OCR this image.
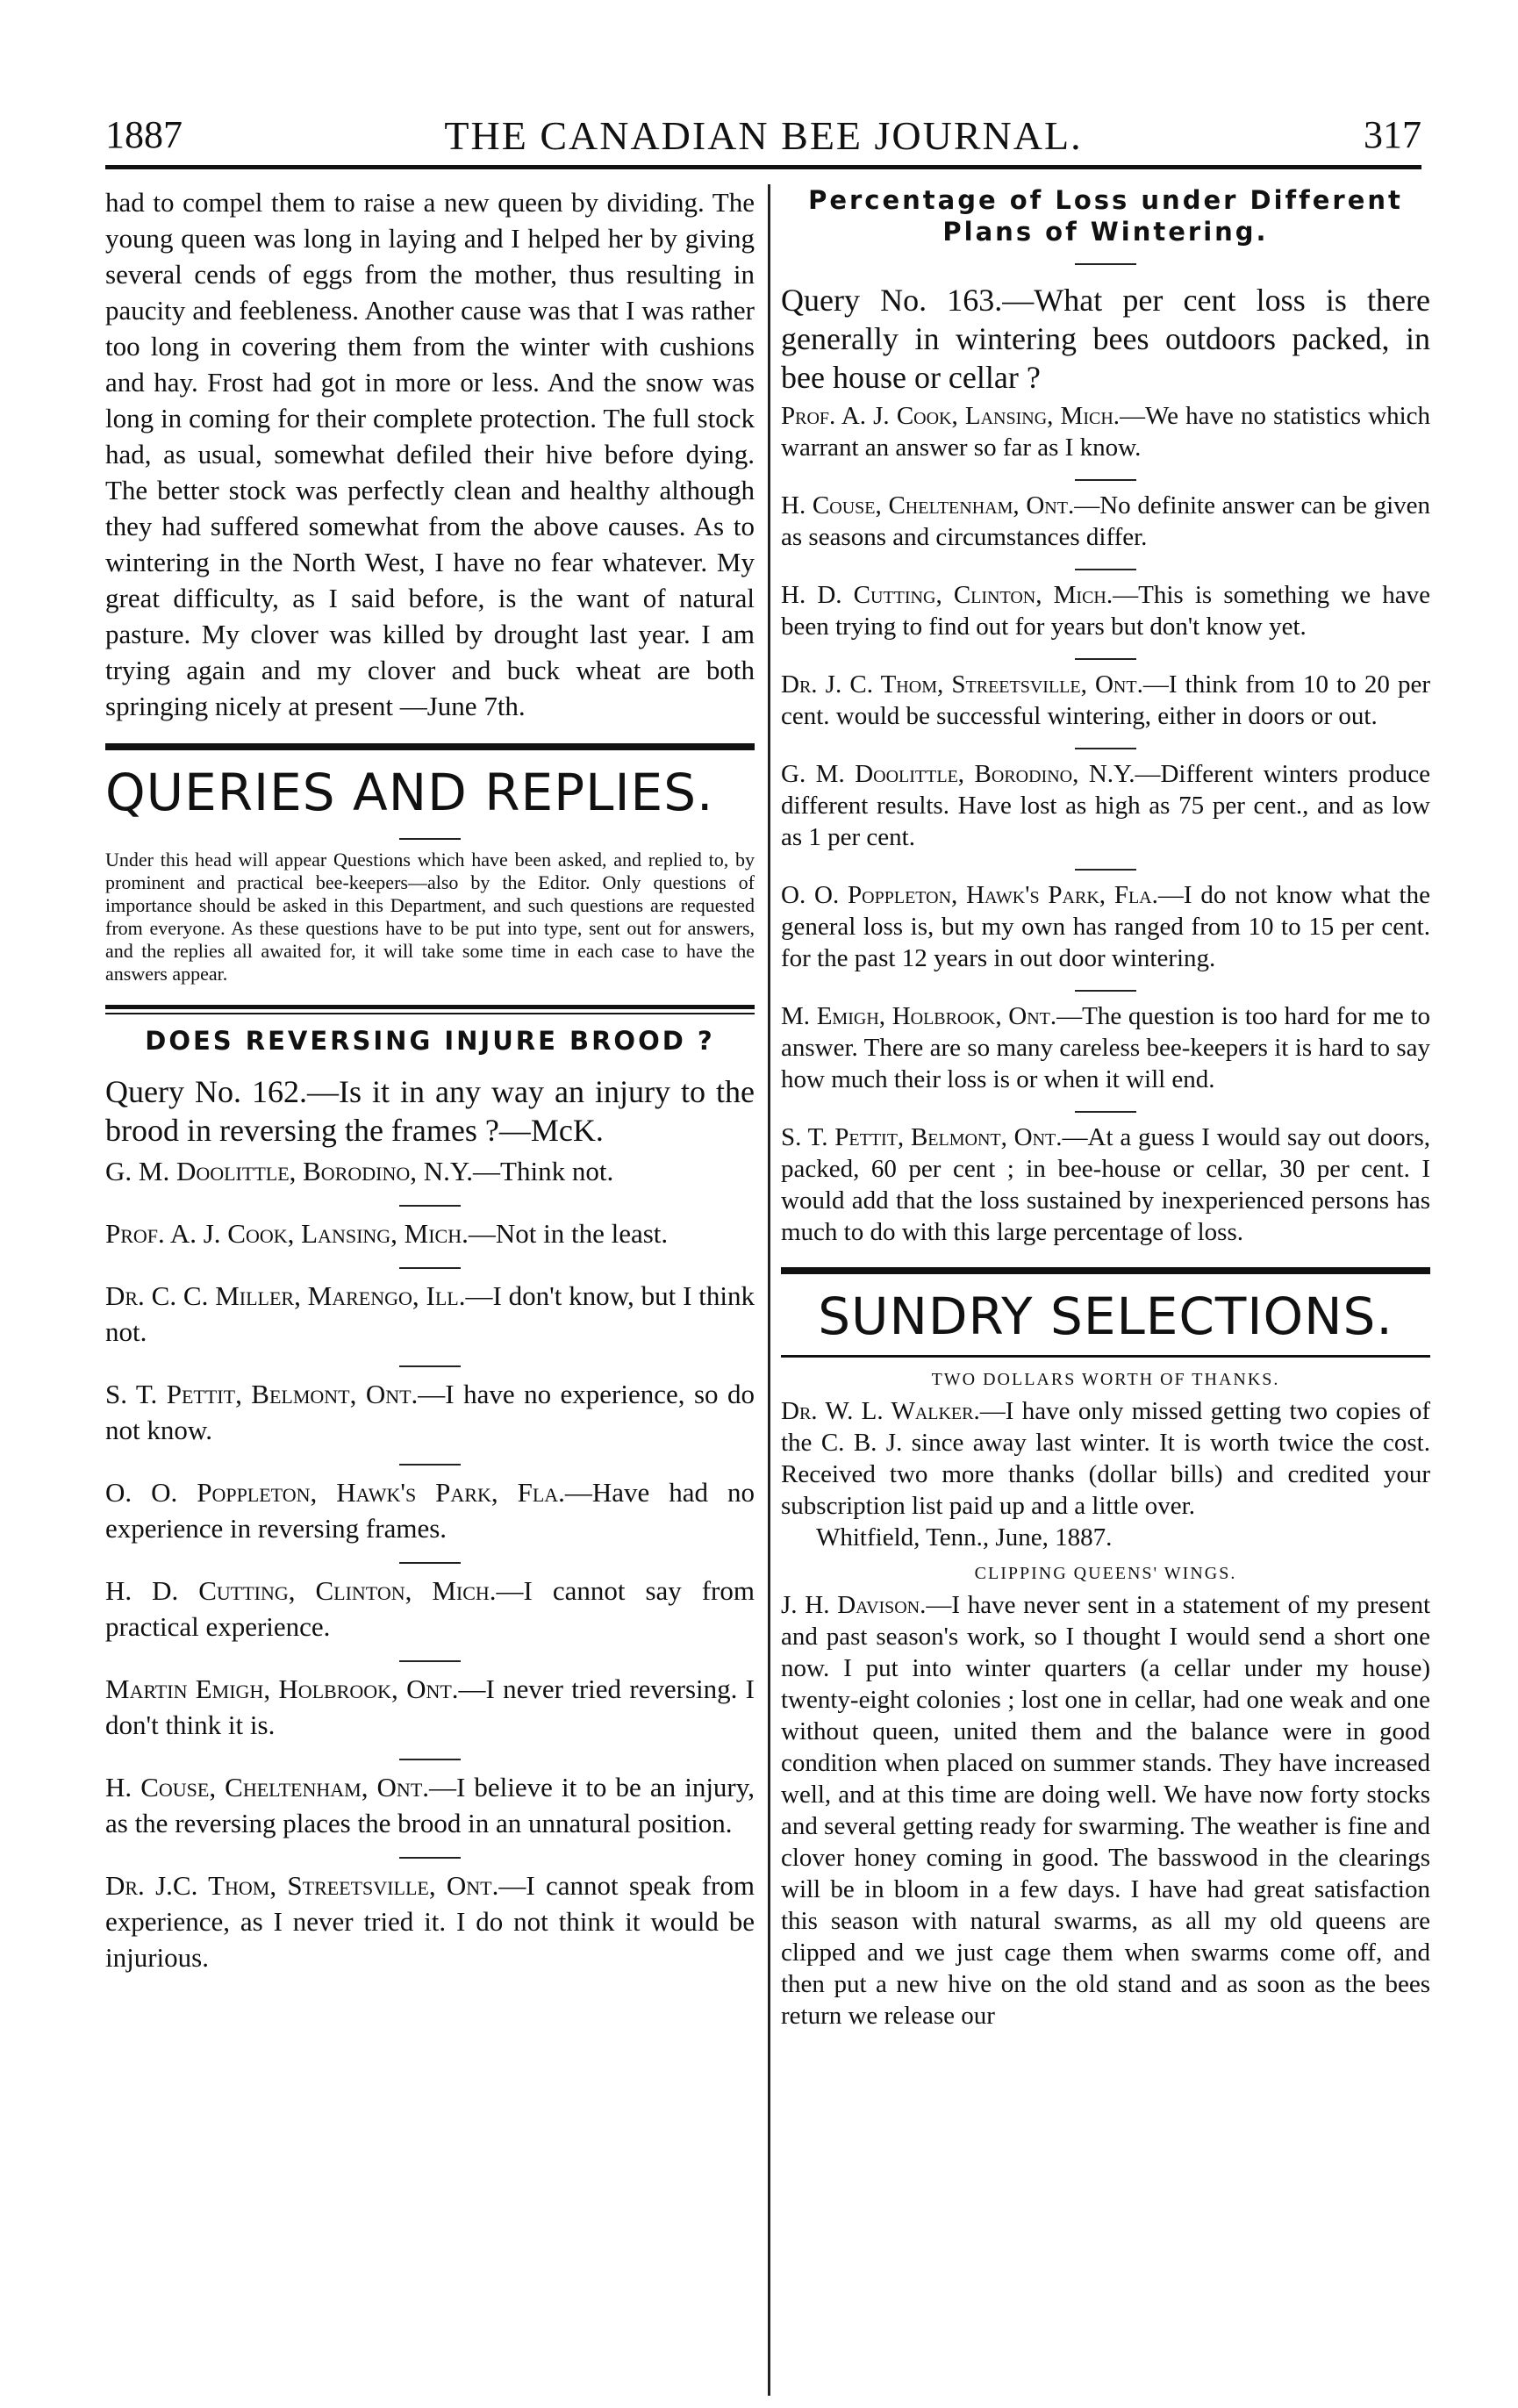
1887	THE CANADIAN BEE JOURNAL.	317

had to compel them to raise a new queen by dividing. The young queen was long in laying and I helped her by giving several cends of eggs from the mother, thus resulting in paucity and feebleness. Another cause was that I was rather too long in covering them from the winter with cushions and hay. Frost had got in more or less. And the snow was long in coming for their complete protection. The full stock had, as usual, somewhat defiled their hive before dying. The better stock was perfectly clean and healthy although they had suffered somewhat from the above causes. As to wintering in the North West, I have no fear whatever. My great difficulty, as I said before, is the want of natural pasture. My clover was killed by drought last year. I am trying again and my clover and buck wheat are both springing nicely at present —June 7th.

QUERIES AND REPLIES.

Under this head will appear Questions which have been asked, and replied to, by prominent and practical bee-keepers—also by the Editor. Only questions of importance should be asked in this Department, and such questions are requested from everyone. As these questions have to be put into type, sent out for answers, and the replies all awaited for, it will take some time in each case to have the answers appear.

DOES REVERSING INJURE BROOD ?

Query No. 162.—Is it in any way an injury to the brood in reversing the frames ?—McK.

G. M. Doolittle, Borodino, N.Y.—Think not.

Prof. A. J. Cook, Lansing, Mich.—Not in the least.

Dr. C. C. Miller, Marengo, Ill.—I don't know, but I think not.

S. T. Pettit, Belmont, Ont.—I have no experience, so do not know.

O. O. Poppleton, Hawk's Park, Fla.—Have had no experience in reversing frames.

H. D. Cutting, Clinton, Mich.—I cannot say from practical experience.

Martin Emigh, Holbrook, Ont.—I never tried reversing. I don't think it is.

H. Couse, Cheltenham, Ont.—I believe it to be an injury, as the reversing places the brood in an unnatural position.

Dr. J.C. Thom, Streetsville, Ont.—I cannot speak from experience, as I never tried it. I do not think it would be injurious.

Percentage of Loss under Different Plans of Wintering.

Query No. 163.—What per cent loss is there generally in wintering bees outdoors packed, in bee house or cellar ?

Prof. A. J. Cook, Lansing, Mich.—We have no statistics which warrant an answer so far as I know.

H. Couse, Cheltenham, Ont.—No definite answer can be given as seasons and circumstances differ.

H. D. Cutting, Clinton, Mich.—This is something we have been trying to find out for years but don't know yet.

Dr. J. C. Thom, Streetsville, Ont.—I think from 10 to 20 per cent. would be successful wintering, either in doors or out.

G. M. Doolittle, Borodino, N.Y.—Different winters produce different results. Have lost as high as 75 per cent., and as low as 1 per cent.

O. O. Poppleton, Hawk's Park, Fla.—I do not know what the general loss is, but my own has ranged from 10 to 15 per cent. for the past 12 years in out door wintering.

M. Emigh, Holbrook, Ont.—The question is too hard for me to answer. There are so many careless bee-keepers it is hard to say how much their loss is or when it will end.

S. T. Pettit, Belmont, Ont.—At a guess I would say out doors, packed, 60 per cent ; in bee-house or cellar, 30 per cent. I would add that the loss sustained by inexperienced persons has much to do with this large percentage of loss.

SUNDRY SELECTIONS.
TWO DOLLARS WORTH OF THANKS.

Dr. W. L. Walker.—I have only missed getting two copies of the C. B. J. since away last winter. It is worth twice the cost. Received two more thanks (dollar bills) and credited your subscription list paid up and a little over.

Whitfield, Tenn., June, 1887.

CLIPPING QUEENS' WINGS.

J. H. Davison.—I have never sent in a statement of my present and past season's work, so I thought I would send a short one now. I put into winter quarters (a cellar under my house) twenty-eight colonies ; lost one in cellar, had one weak and one without queen, united them and the balance were in good condition when placed on summer stands. They have increased well, and at this time are doing well. We have now forty stocks and several getting ready for swarming. The weather is fine and clover honey coming in good. The basswood in the clearings will be in bloom in a few days. I have had great satisfaction this season with natural swarms, as all my old queens are clipped and we just cage them when swarms come off, and then put a new hive on the old stand and as soon as the bees return we release our
